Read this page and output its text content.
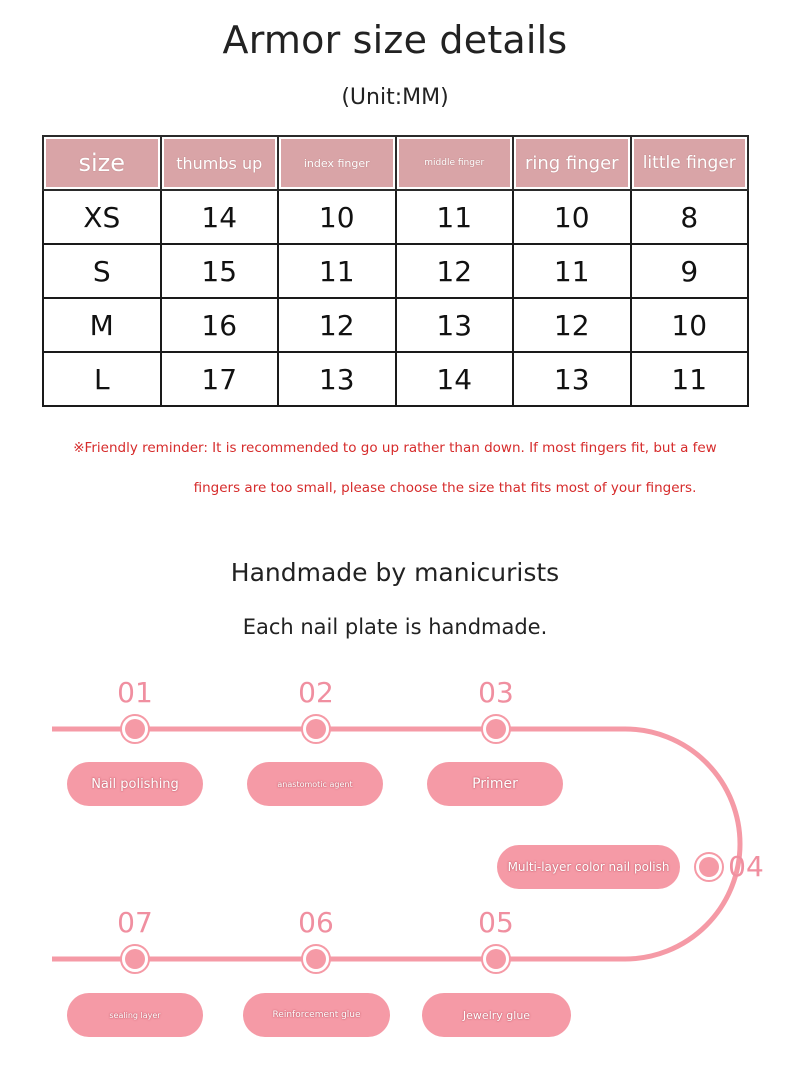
Armor size details
(Unit:MM)
size	thumbs up	index finger	middle finger	ring finger	little finger
XS	14	10	11	10	8
S	15	11	12	11	9
M	16	12	13	12	10
L	17	13	14	13	11
※Friendly reminder: It is recommended to go up rather than down. If most fingers fit, but a few
fingers are too small, please choose the size that fits most of your fingers.
Handmade by manicurists
Each nail plate is handmade.
01	02	03
04
05
06
07
Nail polishing	anastomotic agent	Primer
Multi-layer color nail polish
Jewelry glue
Reinforcement glue
sealing layer
